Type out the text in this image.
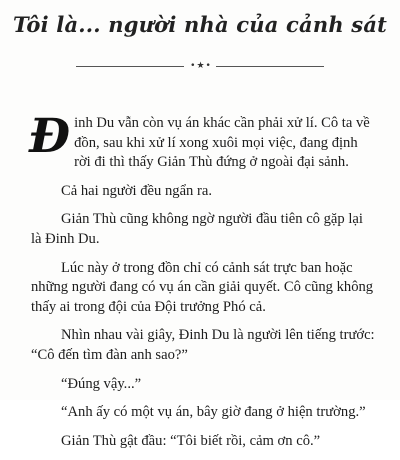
Tôi là... người nhà của cảnh sát
•★•

Đinh Du vẫn còn vụ án khác cần phải xử lí. Cô ta về đồn, sau khi xử lí xong xuôi mọi việc, đang định rời đi thì thấy Giản Thù đứng ở ngoài đại sảnh.

Cả hai người đều ngẩn ra.

Giản Thù cũng không ngờ người đầu tiên cô gặp lại là Đinh Du.

Lúc này ở trong đồn chỉ có cảnh sát trực ban hoặc những người đang có vụ án cần giải quyết. Cô cũng không thấy ai trong đội của Đội trưởng Phó cả.

Nhìn nhau vài giây, Đinh Du là người lên tiếng trước: “Cô đến tìm đàn anh sao?”

“Đúng vậy...”

“Anh ấy có một vụ án, bây giờ đang ở hiện trường.”

Giản Thù gật đầu: “Tôi biết rồi, cảm ơn cô.”
